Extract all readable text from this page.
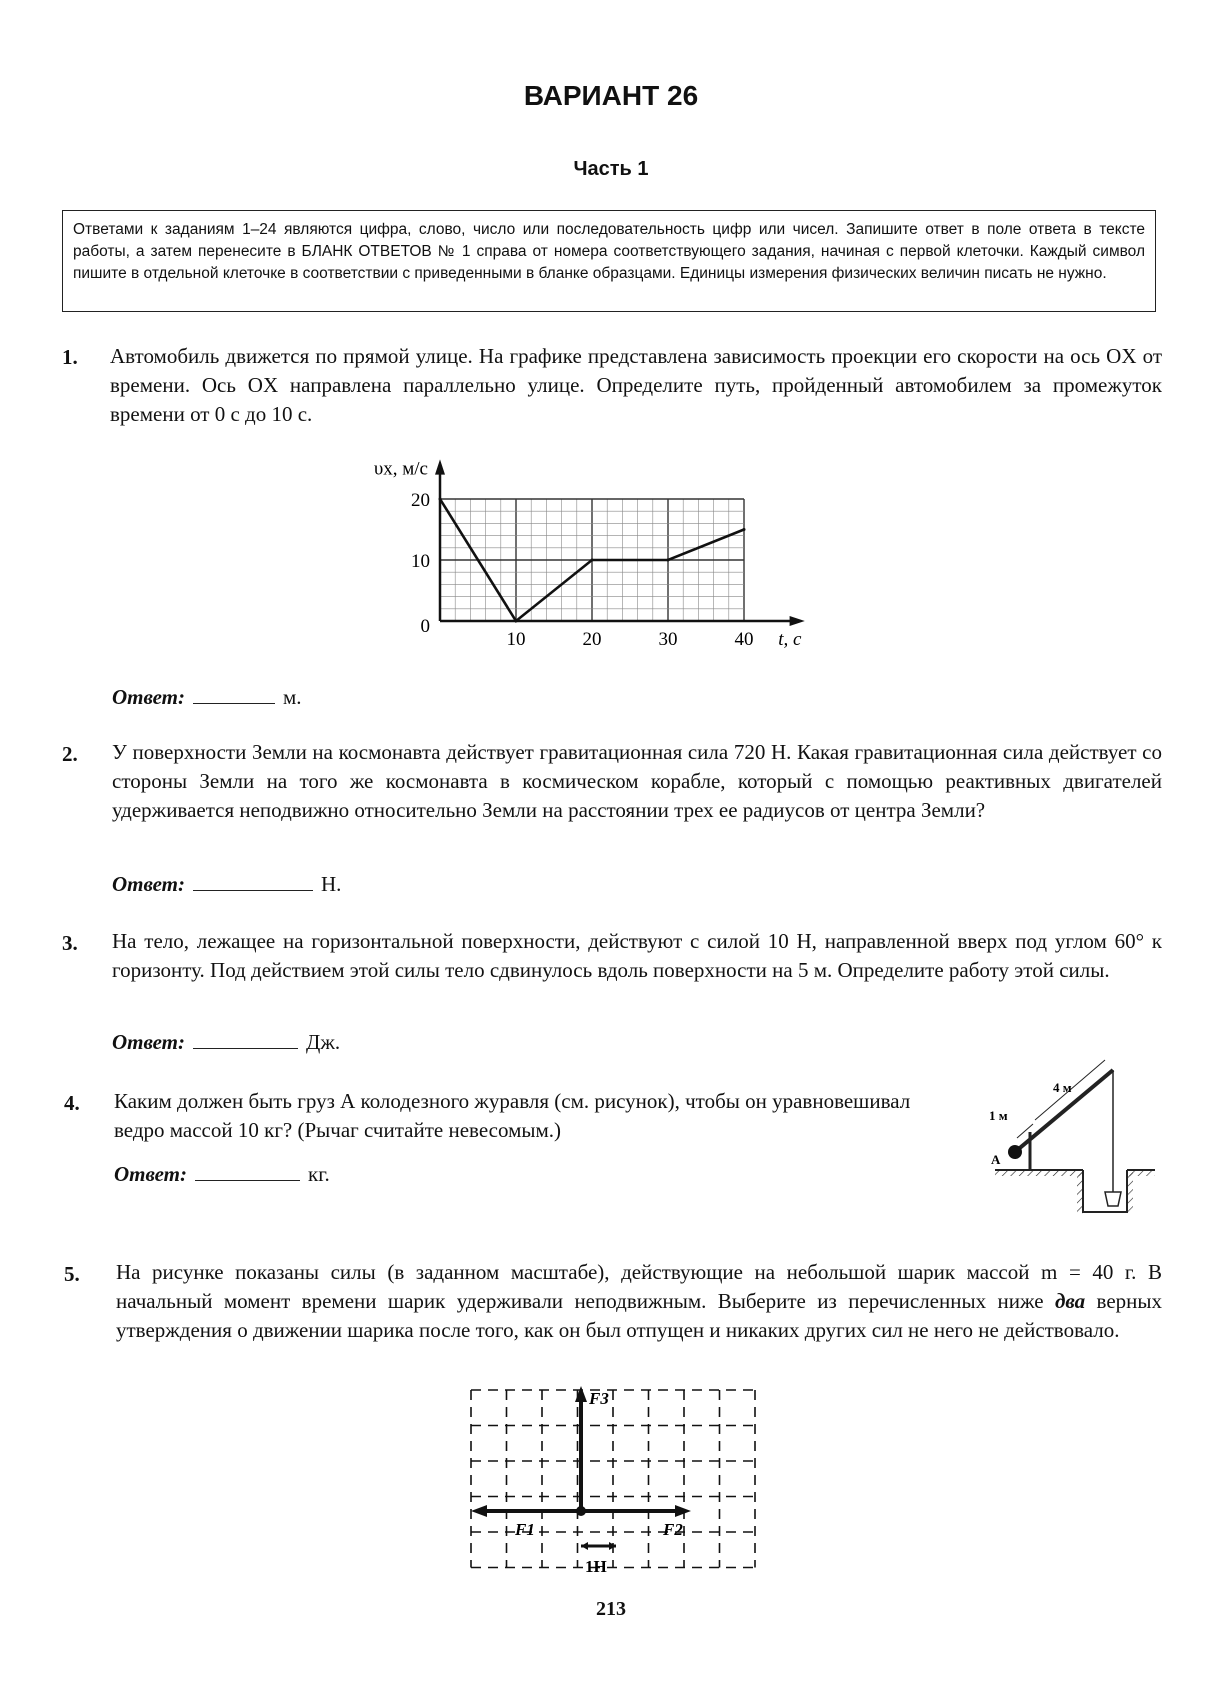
ВАРИАНТ 26
Часть 1
Ответами к заданиям 1–24 являются цифра, слово, число или последовательность цифр или чисел. Запишите ответ в поле ответа в тексте работы, а затем перенесите в БЛАНК ОТВЕТОВ № 1 справа от номера соответствующего задания, начиная с первой клеточки. Каждый символ пишите в отдельной клеточке в соответствии с приведенными в бланке образцами. Единицы измерения физических величин писать не нужно.
1. Автомобиль движется по прямой улице. На графике представлена зависимость проекции его скорости на ось OX от времени. Ось OX направлена параллельно улице. Определите путь, пройденный автомобилем за промежуток времени от 0 с до 10 с.
10	20	30	40
0
10
20
t, с
υx, м/с
Ответ:	м.
2. У поверхности Земли на космонавта действует гравитационная сила 720 Н. Какая гравитационная сила действует со стороны Земли на того же космонавта в космическом корабле, который с помощью реактивных двигателей удерживается неподвижно относительно Земли на расстоянии трех ее радиусов от центра Земли?
Ответ:	Н.
3. На тело, лежащее на горизонтальной поверхности, действуют с силой 10 Н, направленной вверх под углом 60° к горизонту. Под действием этой силы тело сдвинулось вдоль поверхности на 5 м. Определите работу этой силы.
Ответ:	Дж.
4. Каким должен быть груз А колодезного журавля (см. рисунок), чтобы он уравновешивал ведро массой 10 кг? (Рычаг считайте невесомым.)
Ответ:	кг.
4 м
1 м
А
5. На рисунке показаны силы (в заданном масштабе), действующие на небольшой шарик массой m = 40 г. В начальный момент времени шарик удерживали неподвижным. Выберите из перечисленных ниже два верных утверждения о движении шарика после того, как он был отпущен и никаких других сил не него не действовало.
F3
F1	F2
1Н
213
